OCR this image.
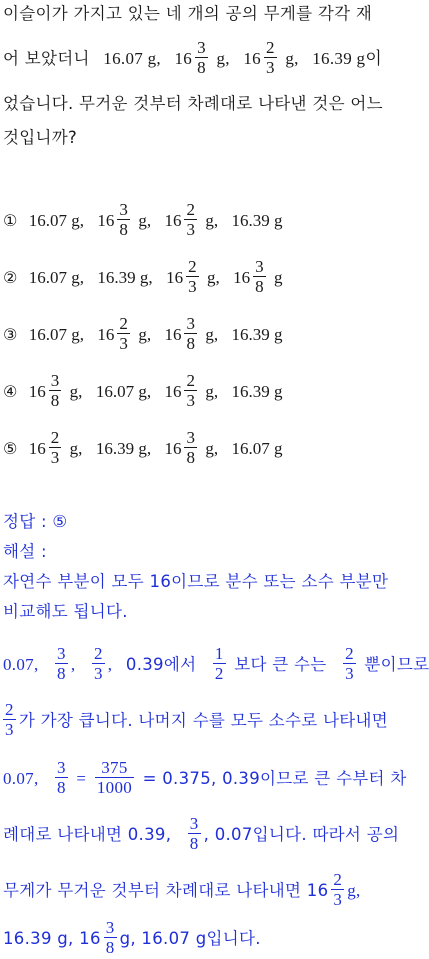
이슬이가 가지고 있는 네 개의 공의 무게를 각각 재
어 보았더니 16.07 g, $16 \frac{3}{8} g$, $16 \frac{2}{3} g$, 16.39 g이
었습니다. 무거운 것부터 차례대로 나타낸 것은 어느
것입니까?
① 16.07 g, $16 \frac{3}{8} g$, $16 \frac{2}{3} g$, 16.39 g
② 16.07 g, 16.39 g, $16 \frac{2}{3} g$, $16 \frac{3}{8}$ g
③ 16.07 g, $16 \frac{2}{3} g$, $16 \frac{3}{8} g$, 16.39 g
④ $16 \frac{3}{8} g$, 16.07 g, $16 \frac{2}{3} g$, 16.39 g
⑤ $16 \frac{2}{3} g$, 16.39 g, $16 \frac{3}{8} g$, 16.07 g
정답 : ⑤
해설 :
자연수 부분이 모두 16이므로 분수 또는 소수 부분만
비교해도 됩니다.
0.07, $\frac{3}{8}$ , $\frac{2}{3}$ , 0.39에서 $\frac{1}{2}$ 보다 큰 수는 $\frac{2}{3}$ 뿐이므로
$\frac{2}{3}$ 가 가장 큽니다. 나머지 수를 모두 소수로 나타내면
0.07, $\frac{3}{8} = \frac{375}{1000} = 0.375$, 0.39이므로 큰 수부터 차
례대로 나타내면 0.39, $\frac{3}{8}$ , 0.07입니다. 따라서 공의
무게가 무거운 것부터 차례대로 나타내면 $16 \frac{2}{3} g$,
16.39 g, $16 \frac{3}{8} g$, 16.07 g입니다.
